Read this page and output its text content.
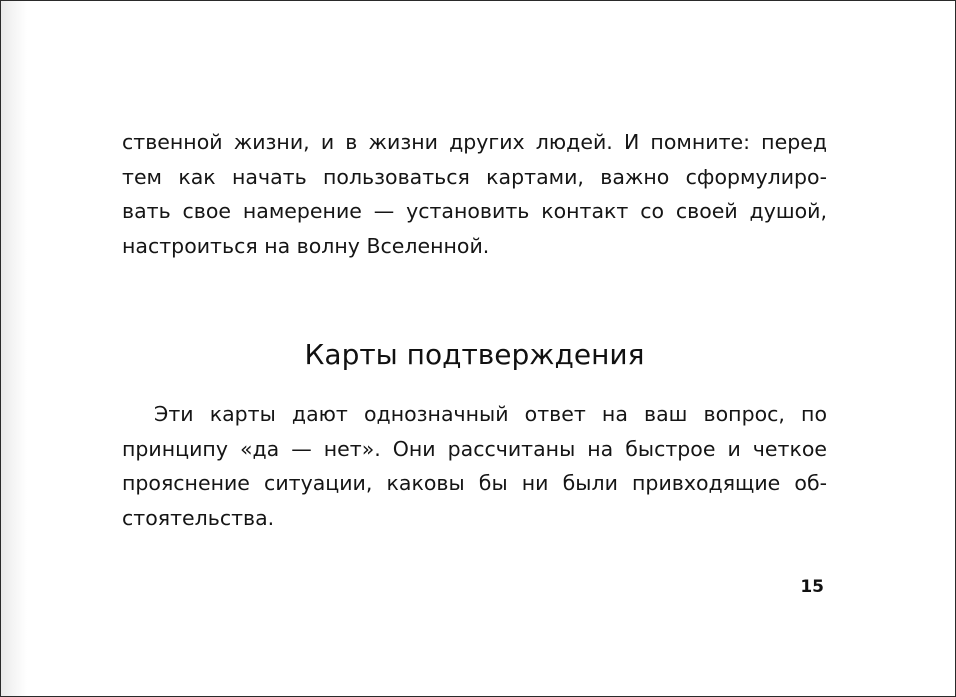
ственной жизни, и в жизни других людей. И помните: перед
тем как начать пользоваться картами, важно сформулиро-
вать свое намерение — установить контакт со своей душой,
настроиться на волну Вселенной.

Карты подтверждения

Эти карты дают однозначный ответ на ваш вопрос, по
принципу «да — нет». Они рассчитаны на быстрое и четкое
прояснение ситуации, каковы бы ни были привходящие об-
стоятельства.

15
